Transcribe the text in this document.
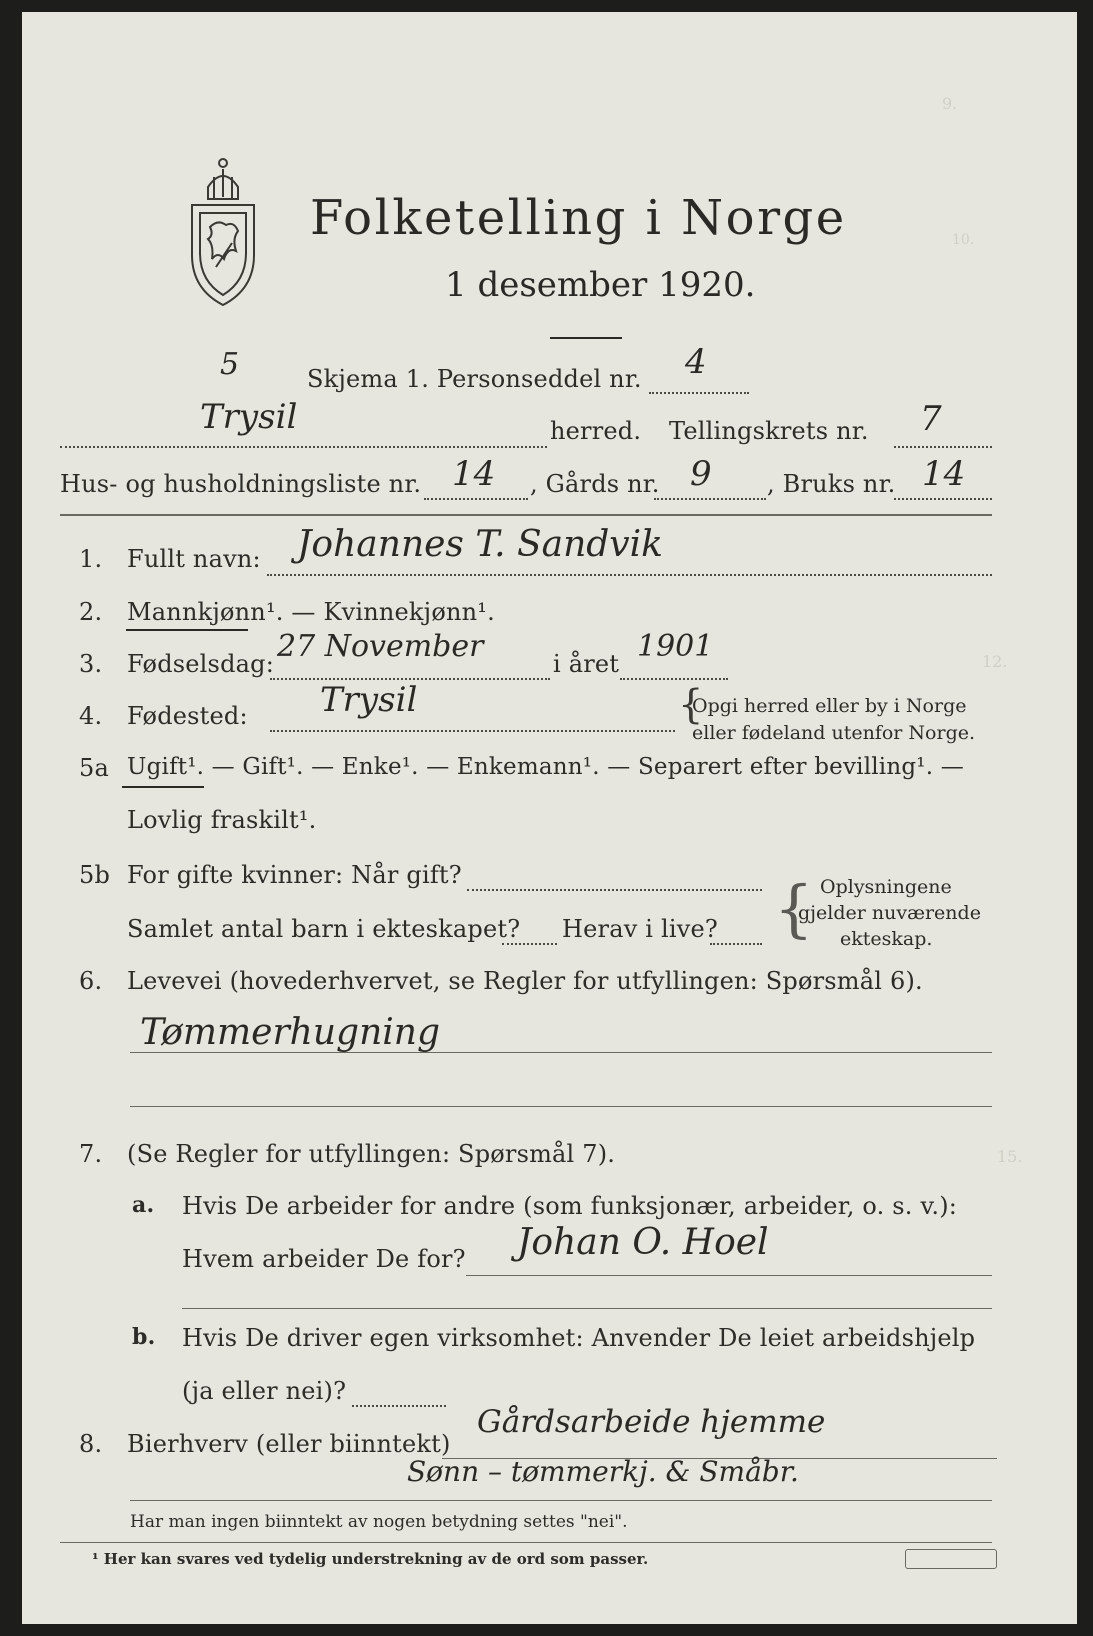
9.
10.
12.
15.
Folketelling i Norge
1 desember 1920.
5	Skjema 1. Personseddel nr. 4
Trysil	herred. Tellingskrets nr. 7
Hus- og husholdningsliste nr. 14 , Gårds nr. 9 , Bruks nr. 14
1. Fullt navn: Johannes T. Sandvik
2. Mannkjønn¹. — Kvinnekjønn¹.
3. Fødselsdag: 27 November	i året 1901
4. Fødested: Trysil	{
Opgi herred eller by i Norge
eller fødeland utenfor Norge.
5a Ugift¹. — Gift¹. — Enke¹. — Enkemann¹. — Separert efter bevilling¹. —
Lovlig fraskilt¹.
5b For gifte kvinner: Når gift?
Samlet antal barn i ekteskapet? Herav i live? { Oplysningene
gjelder nuværende
ekteskap.
6. Levevei (hovederhvervet, se Regler for utfyllingen: Spørsmål 6).
Tømmerhugning
7. (Se Regler for utfyllingen: Spørsmål 7).
a. Hvis De arbeider for andre (som funksjonær, arbeider, o. s. v.):
Hvem arbeider De for? Johan O. Hoel
b. Hvis De driver egen virksomhet: Anvender De leiet arbeidshjelp
(ja eller nei)?
8. Bierhverv (eller biinntekt)
Gårdsarbeide hjemme
Sønn – tømmerkj. & Småbr.
Har man ingen biinntekt av nogen betydning settes "nei".
¹ Her kan svares ved tydelig understrekning av de ord som passer.
